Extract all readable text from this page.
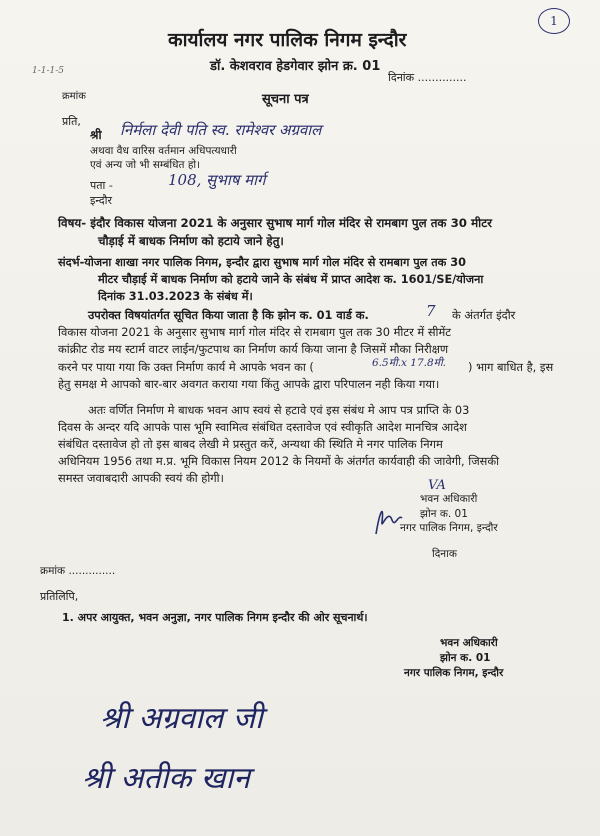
कार्यालय नगर पालिक निगम इन्दौर
1
डॉ. केशवराव हेडगेवार झोन क्र. 01
1-1-1-5	दिनांक ..............
क्रमांक	सूचना पत्र
प्रति,
श्री निर्मला देवी पति स्व. रामेश्वर अग्रवाल
अथवा वैध वारिस वर्तमान अधिपत्यधारी
एवं अन्य जो भी सम्बंधित हो।
पता -	108, सुभाष मार्ग
इन्दौर
विषय- इंदौर विकास योजना 2021 के अनुसार सुभाष मार्ग गोल मंदिर से रामबाग पुल तक 30 मीटर
चौड़ाई में बाधक निर्माण को हटाये जाने हेतु।
संदर्भ-योजना शाखा नगर पालिक निगम, इन्दौर द्वारा सुभाष मार्ग गोल मंदिर से रामबाग पुल तक 30
मीटर चौड़ाई में बाधक निर्माण को हटाये जाने के संबंध में प्राप्त आदेश क. 1601/SE/योजना
दिनांक 31.03.2023 के संबंध में।
उपरोक्त विषयांतर्गत सूचित किया जाता है कि झोन क. 01 वार्ड क.	7 के अंतर्गत इंदौर
विकास योजना 2021 के अनुसार सुभाष मार्ग गोल मंदिर से रामबाग पुल तक 30 मीटर में सीमेंट
कांक्रीट रोड मय स्टार्म वाटर लाईन/फुटपाथ का निर्माण कार्य किया जाना है जिसमें मौका निरीक्षण
करने पर पाया गया कि उक्त निर्माण कार्य मे आपके भवन का (	6.5मी.x 17.8मी. ) भाग बाधित है, इस
हेतु समक्ष मे आपको बार-बार अवगत कराया गया किंतु आपके द्वारा परिपालन नही किया गया।
अतः वर्णित निर्माण मे बाधक भवन आप स्वयं से हटावे एवं इस संबंध मे आप पत्र प्राप्ति के 03
दिवस के अन्दर यदि आपके पास भूमि स्वामित्व संबंधित दस्तावेज एवं स्वीकृति आदेश मानचित्र आदेश
संबंधित दस्तावेज हो तो इस बाबद लेखी मे प्रस्तुत करें, अन्यथा की स्थिति मे नगर पालिक निगम
अधिनियम 1956 तथा म.प्र. भूमि विकास नियम 2012 के नियमों के अंतर्गत कार्यवाही की जावेगी, जिसकी
समस्त जवाबदारी आपकी स्वयं की होगी।	VA
भवन अधिकारी
झोन क. 01
नगर पालिक निगम, इन्दौर
दिनाक
क्रमांक ..............
प्रतिलिपि,
1. अपर आयुक्त, भवन अनुज्ञा, नगर पालिक निगम इन्दौर की ओर सूचनार्थ।
भवन अधिकारी
झोन क. 01
नगर पालिक निगम, इन्दौर
श्री अग्रवाल जी
श्री अतीक खान
